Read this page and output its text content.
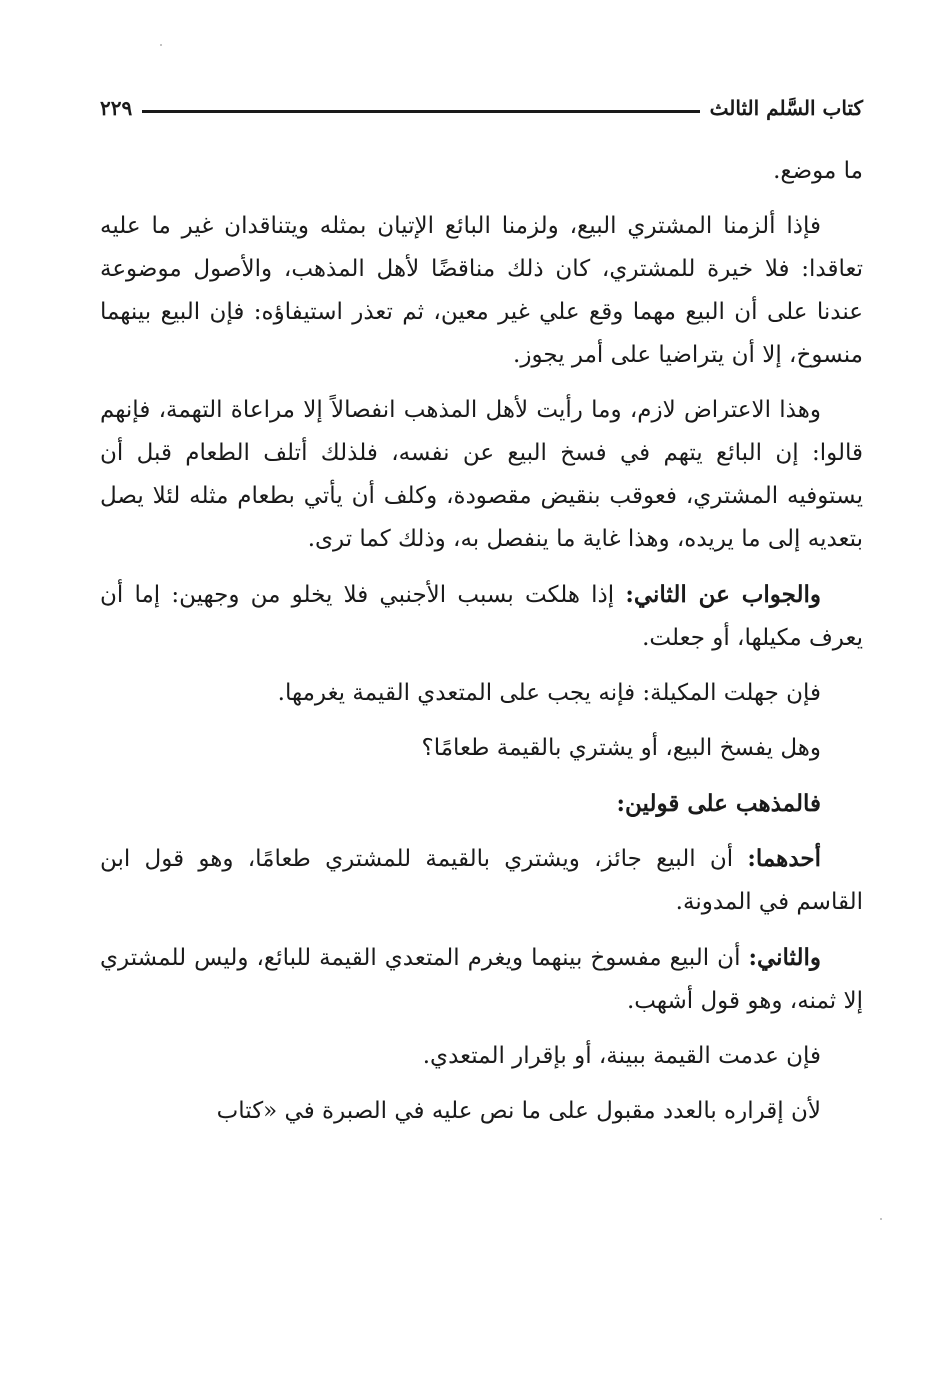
كتاب السَّلم الثالث
٢٢٩

ما موضع.

فإذا ألزمنا المشتري البيع، ولزمنا البائع الإتيان بمثله ويتناقدان غير ما عليه تعاقدا: فلا خيرة للمشتري، كان ذلك مناقضًا لأهل المذهب، والأصول موضوعة عندنا على أن البيع مهما وقع علي غير معين، ثم تعذر استيفاؤه: فإن البيع بينهما منسوخ، إلا أن يتراضيا على أمر يجوز.

وهذا الاعتراض لازم، وما رأيت لأهل المذهب انفصالاً إلا مراعاة التهمة، فإنهم قالوا: إن البائع يتهم في فسخ البيع عن نفسه، فلذلك أتلف الطعام قبل أن يستوفيه المشتري، فعوقب بنقيض مقصودة، وكلف أن يأتي بطعام مثله لئلا يصل بتعديه إلى ما يريده، وهذا غاية ما ينفصل به، وذلك كما ترى.

والجواب عن الثاني: إذا هلكت بسبب الأجنبي فلا يخلو من وجهين: إما أن يعرف مكيلها، أو جعلت.

فإن جهلت المكيلة: فإنه يجب على المتعدي القيمة يغرمها.

وهل يفسخ البيع، أو يشتري بالقيمة طعامًا؟

فالمذهب على قولين:

أحدهما: أن البيع جائز، ويشتري بالقيمة للمشتري طعامًا، وهو قول ابن القاسم في المدونة.

والثاني: أن البيع مفسوخ بينهما ويغرم المتعدي القيمة للبائع، وليس للمشتري إلا ثمنه، وهو قول أشهب.

فإن عدمت القيمة ببينة، أو بإقرار المتعدي.

لأن إقراره بالعدد مقبول على ما نص عليه في الصبرة في «كتاب
